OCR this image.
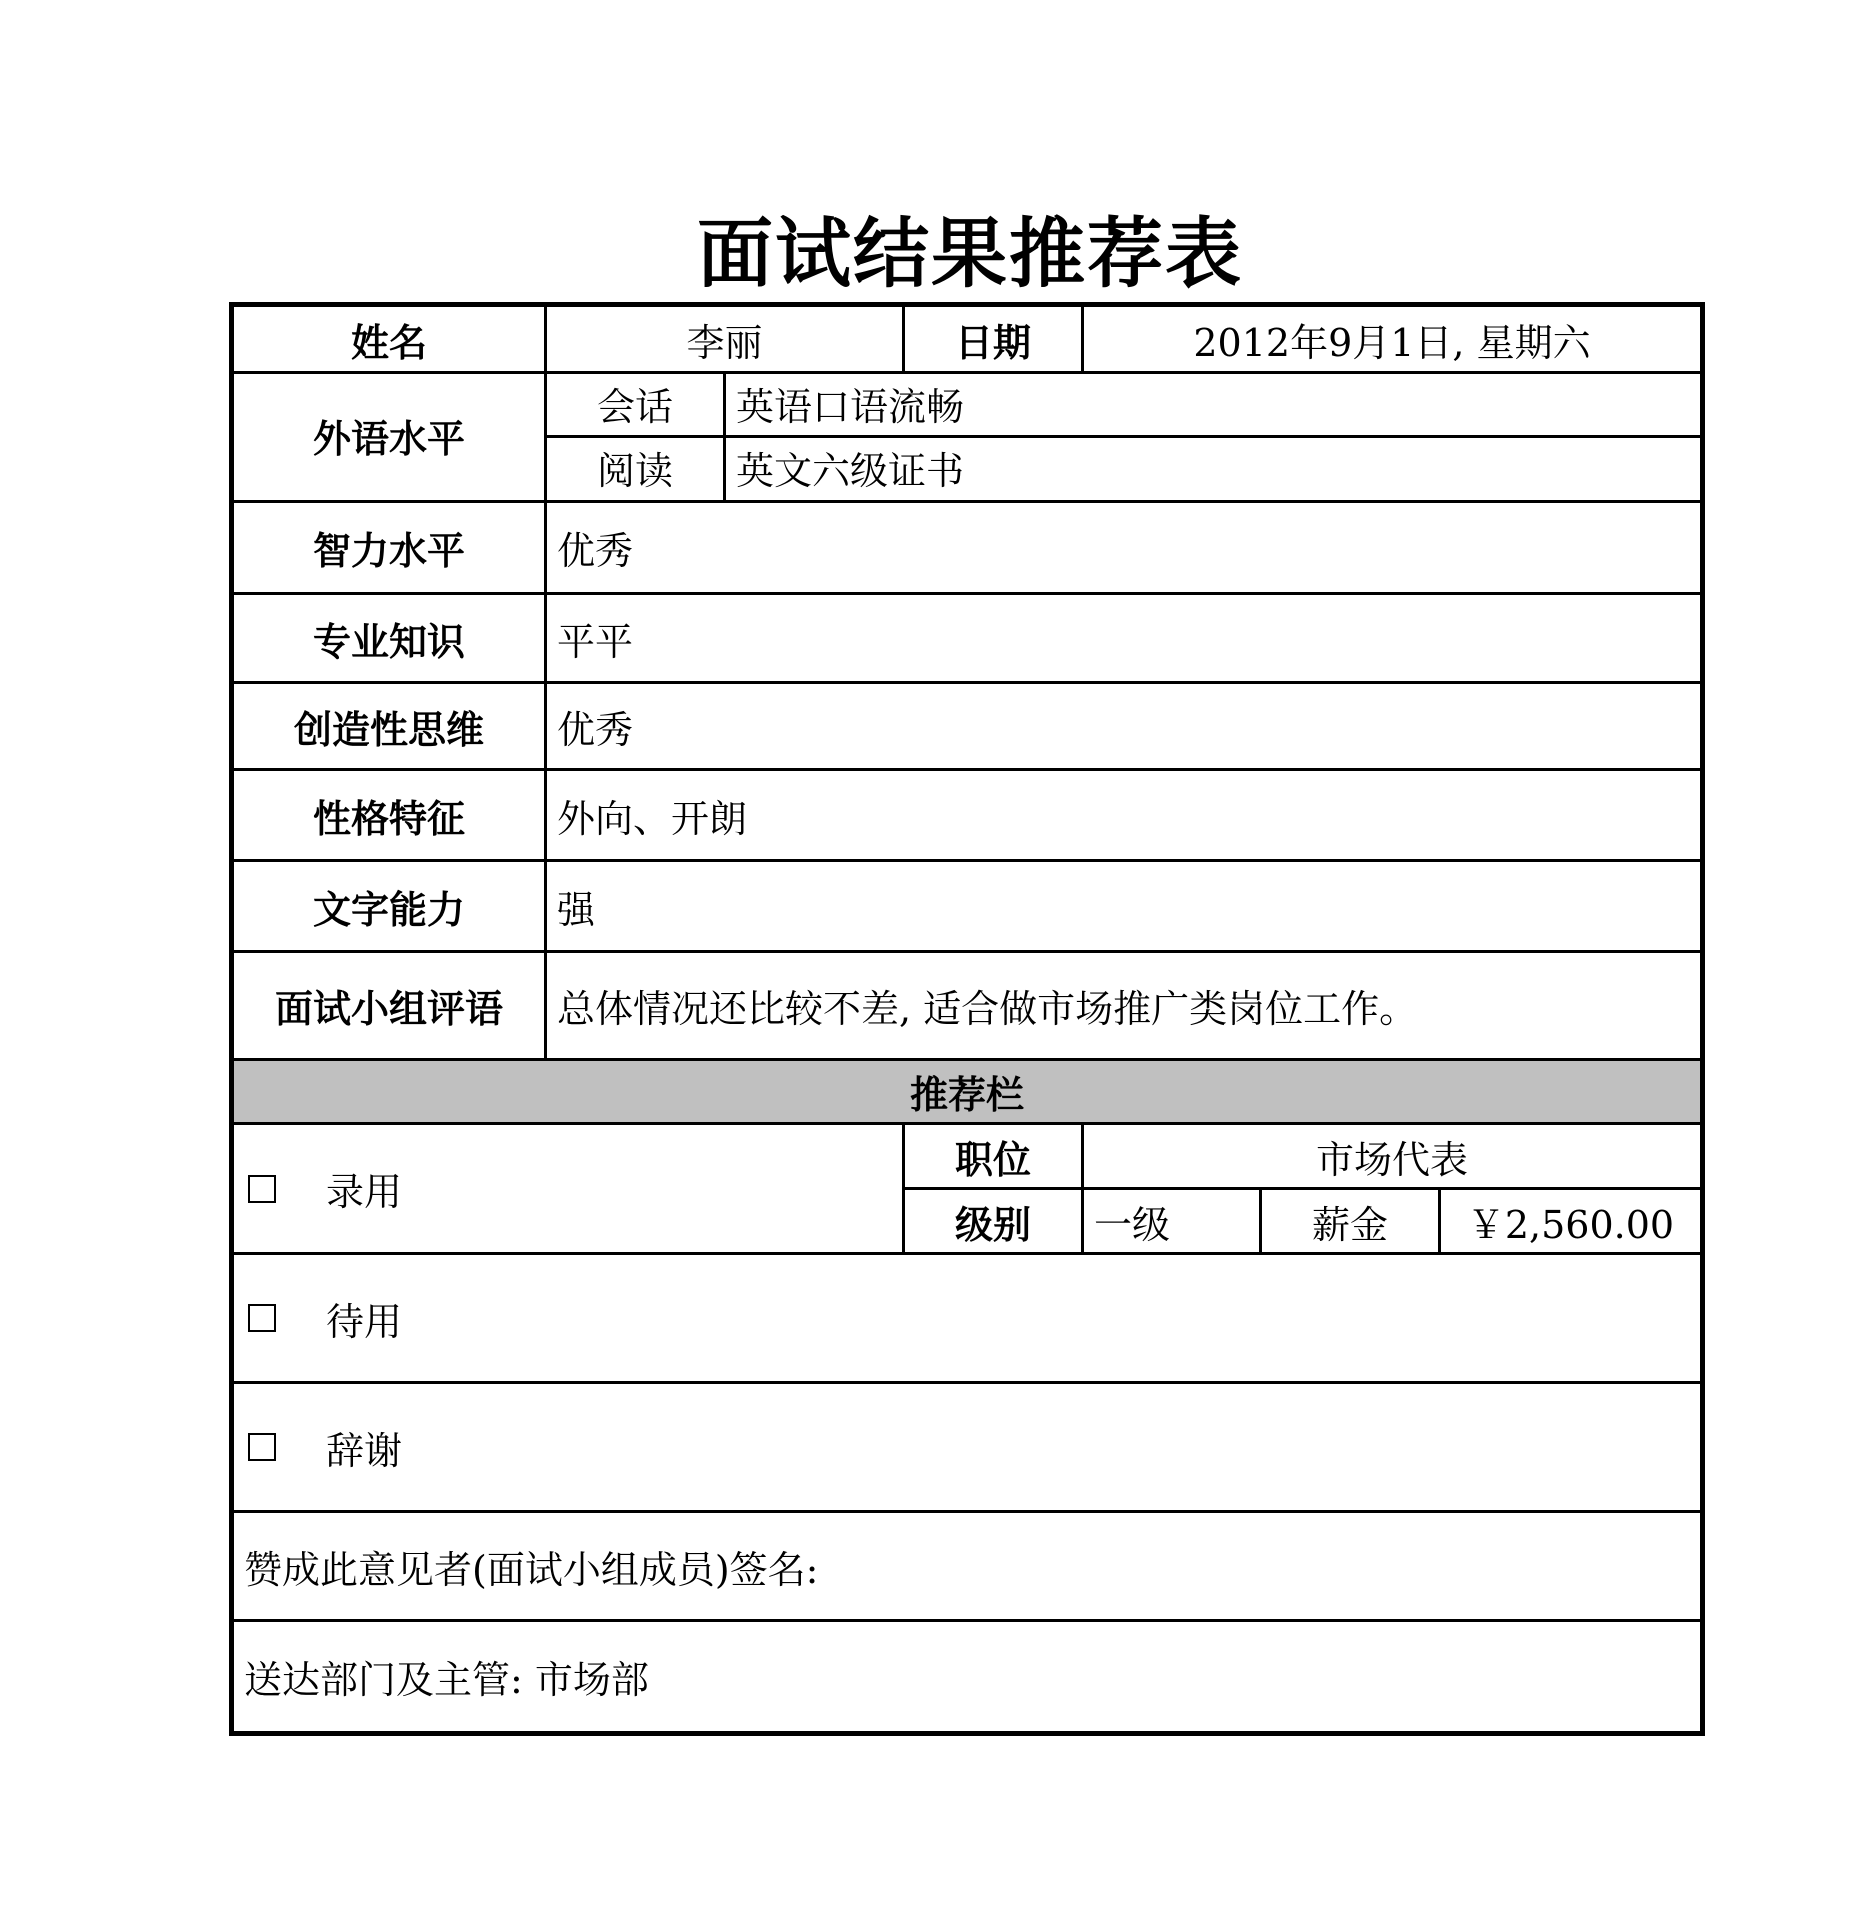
面试结果推荐表
姓名	李丽	日期	2012年9月1日, 星期六
外语水平
会话	英语口语流畅
阅读	英文六级证书
智力水平	优秀
专业知识	平平
创造性思维	优秀
性格特征	外向、开朗
文字能力	强
面试小组评语	总体情况还比较不差, 适合做市场推广类岗位工作。
推荐栏
录用
职位	市场代表
级别	一级	薪金	￥2,560.00
待用
辞谢
赞成此意见者(面试小组成员)签名:
送达部门及主管: 市场部
